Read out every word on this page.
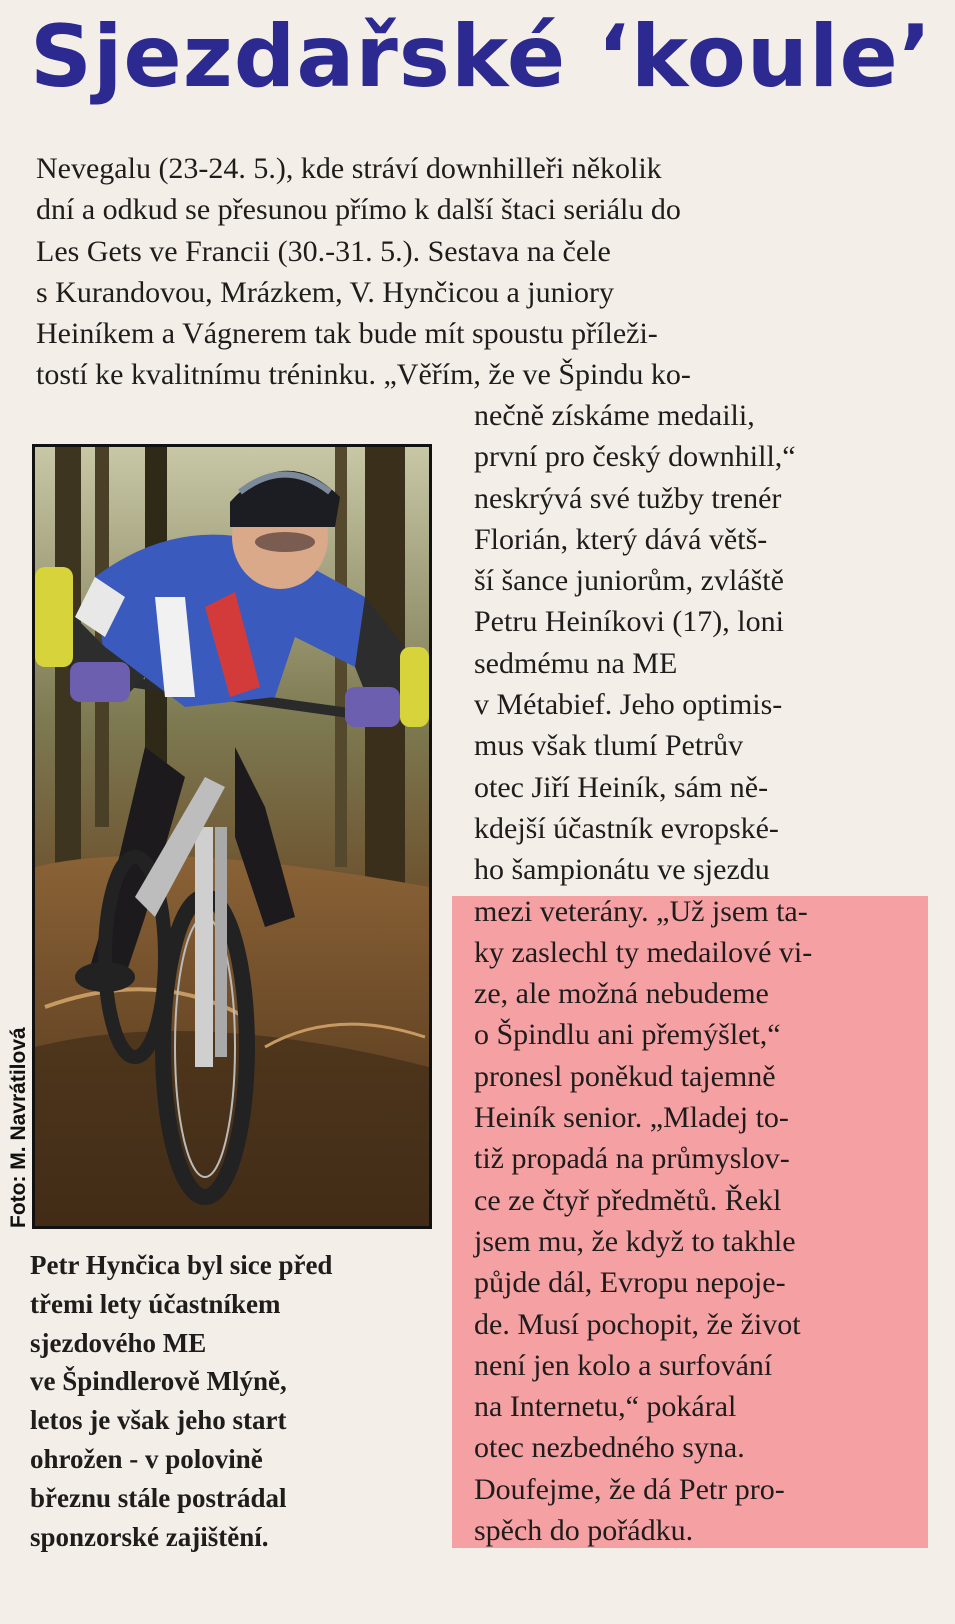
Sjezdařské ‘koule’

Nevegalu (23-24. 5.), kde stráví downhilleři několik
dní a odkud se přesunou přímo k další štaci seriálu do
Les Gets ve Francii (30.-31. 5.). Sestava na čele
s Kurandovou, Mrázkem, V. Hynčicou a juniory
Heiníkem a Vágnerem tak bude mít spoustu příleži-
tostí ke kvalitnímu tréninku. „Věřím, že ve Špindu ko-

nečně získáme medaili,
první pro český downhill,“
neskrývá své tužby trenér
Florián, který dává větš-
ší šance juniorům, zvláště
Petru Heiníkovi (17), loni
sedmému na ME
v Métabief. Jeho optimis-
mus však tlumí Petrův
otec Jiří Heiník, sám ně-
kdejší účastník evropské-
ho šampionátu ve sjezdu
mezi veterány. „Už jsem ta-
ky zaslechl ty medailové vi-
ze, ale možná nebudeme
o Špindlu ani přemýšlet,“
pronesl poněkud tajemně
Heiník senior. „Mladej to-
tiž propadá na průmyslov-
ce ze čtyř předmětů. Řekl
jsem mu, že když to takhle
půjde dál, Evropu nepoje-
de. Musí pochopit, že život
není jen kolo a surfování
na Internetu,“ pokáral
otec nezbedného syna.
Doufejme, že dá Petr pro-
spěch do pořádku.

Foto: M. Navrátilová

Petr Hynčica byl sice před
třemi lety účastníkem
sjezdového ME
ve Špindlerově Mlýně,
letos je však jeho start
ohrožen - v polovině
březnu stále postrádal
sponzorské zajištění.
